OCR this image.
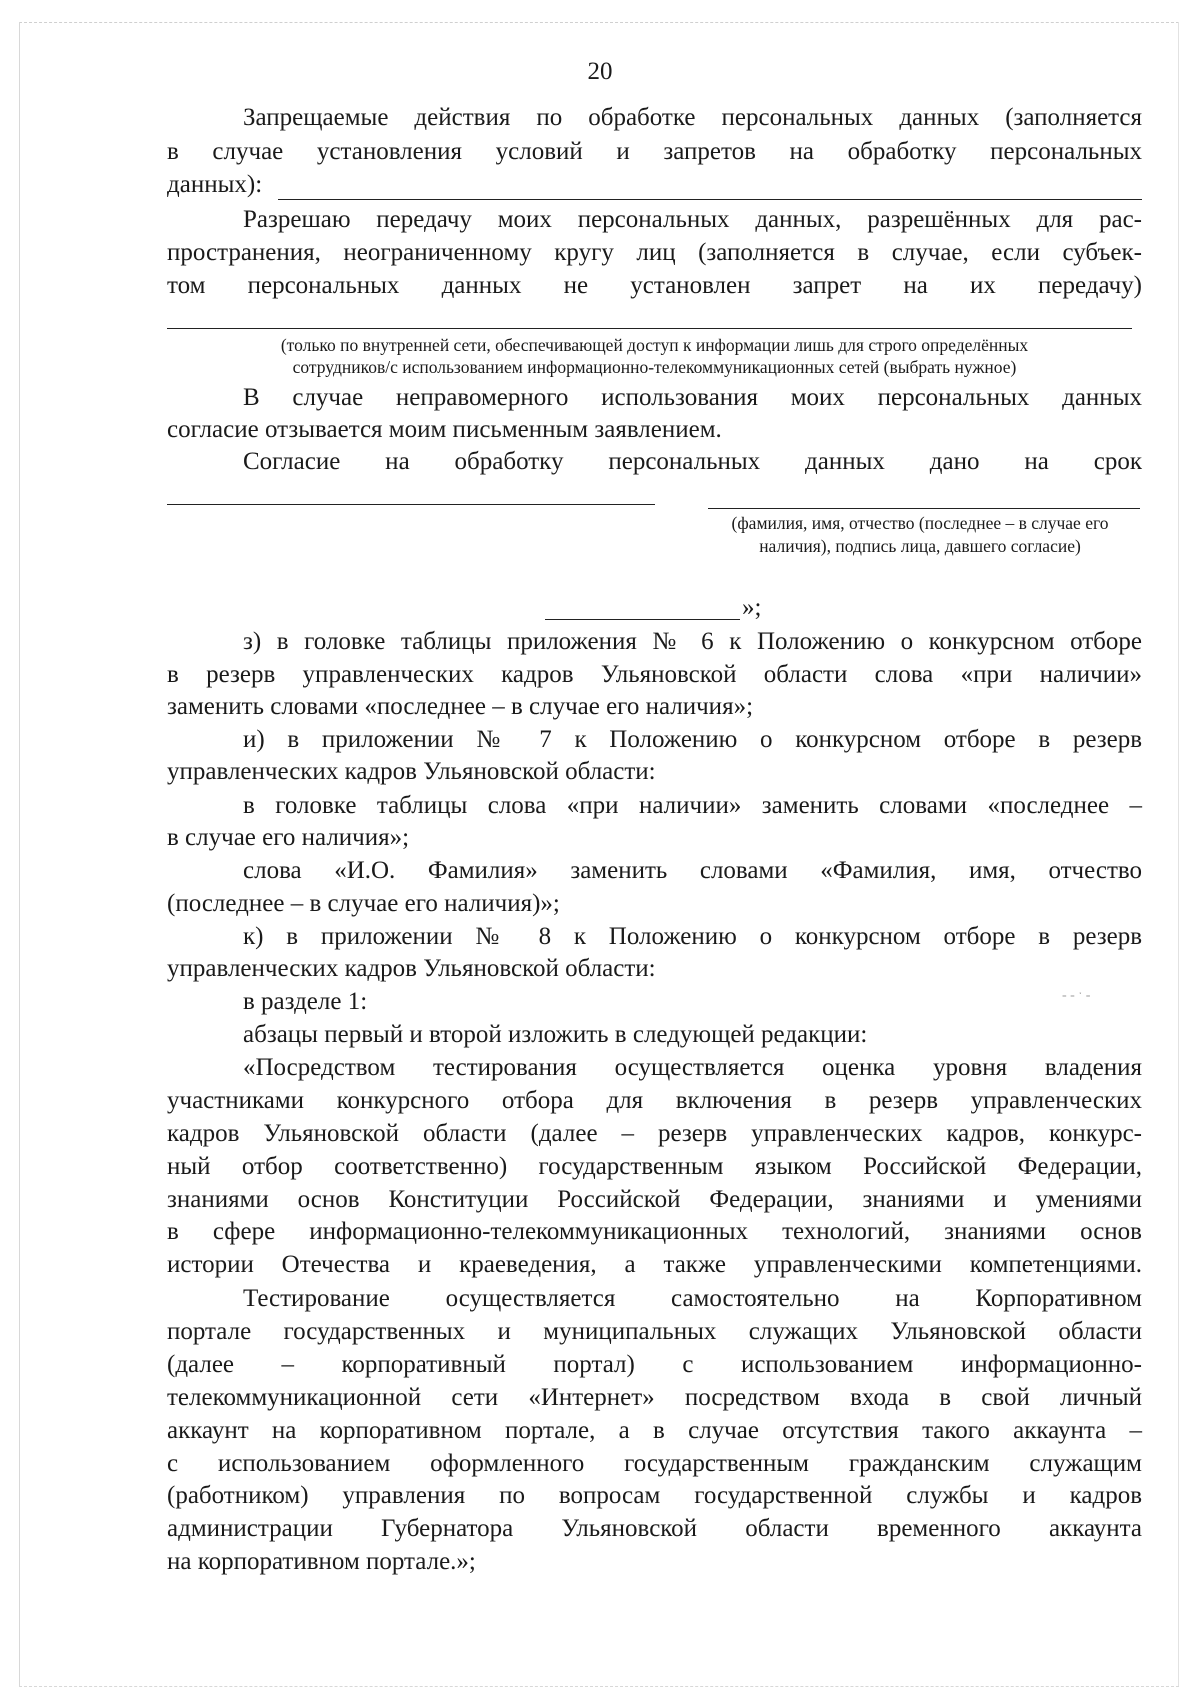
20
Запрещаемые действия по обработке персональных данных (заполняется
в случае установления условий и запретов на обработку персональных
данных):
Разрешаю передачу моих персональных данных, разрешённых для рас-
пространения, неограниченному кругу лиц (заполняется в случае, если субъек-
том персональных данных не установлен запрет на их передачу)
(только по внутренней сети, обеспечивающей доступ к информации лишь для строго определённых
сотрудников/с использованием информационно-телекоммуникационных сетей (выбрать нужное)
В случае неправомерного использования моих персональных данных
согласие отзывается моим письменным заявлением.
Согласие на обработку персональных данных дано на срок
(фамилия, имя, отчество (последнее – в случае его
наличия), подпись лица, давшего согласие)
»;
з) в головке таблицы приложения № 6 к Положению о конкурсном отборе
в резерв управленческих кадров Ульяновской области слова «при наличии»
заменить словами «последнее – в случае его наличия»;
и) в приложении № 7 к Положению о конкурсном отборе в резерв
управленческих кадров Ульяновской области:
в головке таблицы слова «при наличии» заменить словами «последнее –
в случае его наличия»;
слова «И.О. Фамилия» заменить словами «Фамилия, имя, отчество
(последнее – в случае его наличия)»;
к) в приложении № 8 к Положению о конкурсном отборе в резерв
управленческих кадров Ульяновской области:
в разделе 1:	‐ ‐ ˑ ‐
абзацы первый и второй изложить в следующей редакции:
«Посредством тестирования осуществляется оценка уровня владения
участниками конкурсного отбора для включения в резерв управленческих
кадров Ульяновской области (далее – резерв управленческих кадров, конкурс-
ный отбор соответственно) государственным языком Российской Федерации,
знаниями основ Конституции Российской Федерации, знаниями и умениями
в сфере информационно-телекоммуникационных технологий, знаниями основ
истории Отечества и краеведения, а также управленческими компетенциями.
Тестирование осуществляется самостоятельно на Корпоративном
портале государственных и муниципальных служащих Ульяновской области
(далее – корпоративный портал) с использованием информационно-
телекоммуникационной сети «Интернет» посредством входа в свой личный
аккаунт на корпоративном портале, а в случае отсутствия такого аккаунта –
с использованием оформленного государственным гражданским служащим
(работником) управления по вопросам государственной службы и кадров
администрации Губернатора Ульяновской области временного аккаунта
на корпоративном портале.»;
